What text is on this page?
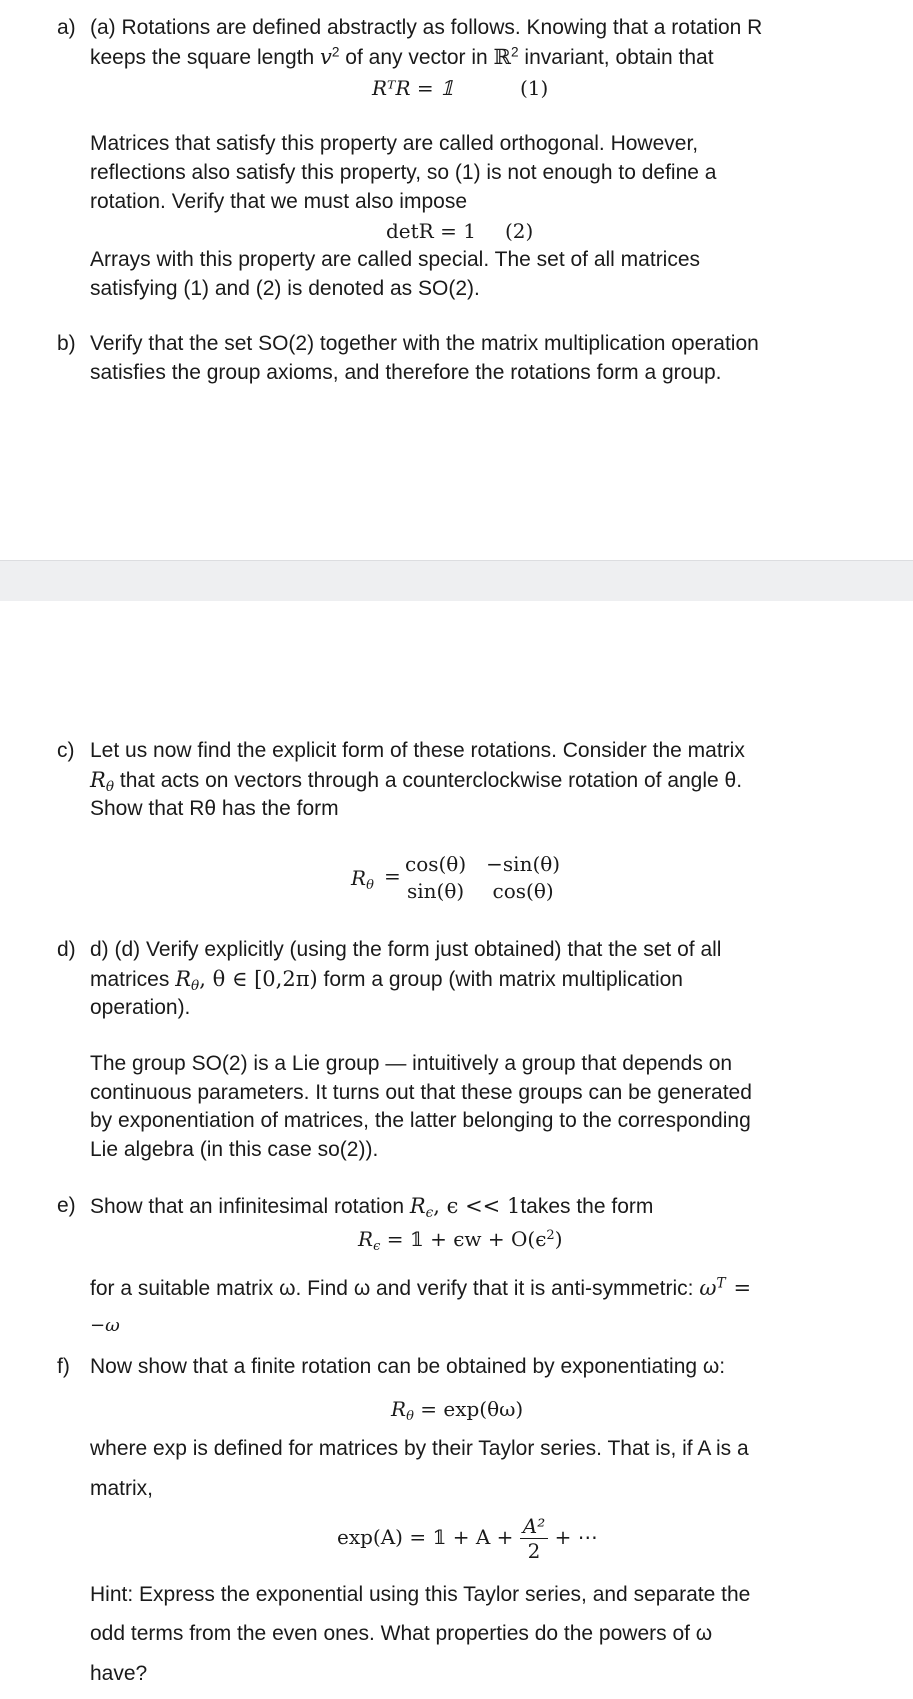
a) (a) Rotations are defined abstractly as follows. Knowing that a rotation R
keeps the square length $v^2$ of any vector in ℝ$^2$ invariant, obtain that
RᵀR = 𝟙	(1)
Matrices that satisfy this property are called orthogonal. However,
reflections also satisfy this property, so (1) is not enough to define a
rotation. Verify that we must also impose
detR = 1 (2)
Arrays with this property are called special. The set of all matrices
satisfying (1) and (2) is denoted as SO(2).
b) Verify that the set SO(2) together with the matrix multiplication operation
satisfies the group axioms, and therefore the rotations form a group.
c) Let us now find the explicit form of these rotations. Consider the matrix
$R_\theta$ that acts on vectors through a counterclockwise rotation of angle θ.
Show that Rθ has the form
$R_\theta = \cos(\theta)$	−sin(θ)
sin(θ)	cos(θ)
d) d) (d) Verify explicitly (using the form just obtained) that the set of all
matrices $R_\theta$, θ ∈ [0,2π) form a group (with matrix multiplication
operation).
The group SO(2) is a Lie group — intuitively a group that depends on
continuous parameters. It turns out that these groups can be generated
by exponentiation of matrices, the latter belonging to the corresponding
Lie algebra (in this case so(2)).
e) Show that an infinitesimal rotation $R_\epsilon$, ϵ << 1takes the form
$R_\epsilon$ = 𝟙 + $\epsilon w + O(\epsilon^2)$
for a suitable matrix ω. Find ω and verify that it is anti-symmetric: $\omega^T$ =
−ω
f) Now show that a finite rotation can be obtained by exponentiating ω:
$R_\theta = \exp(\theta\omega)$
where exp is defined for matrices by their Taylor series. That is, if A is a
matrix,
exp(A) = 𝟙 + $A + \frac{\text{A²}}{2}$ + ⋯
Hint: Express the exponential using this Taylor series, and separate the
odd terms from the even ones. What properties do the powers of ω
have?
